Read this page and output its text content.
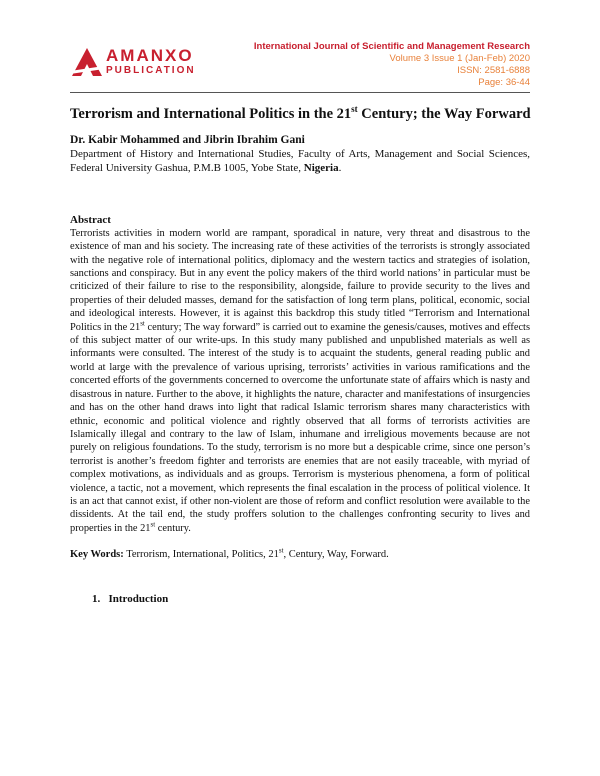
AMANXO
PUBLICATION
International Journal of Scientific and Management Research
Volume 3 Issue 1 (Jan-Feb) 2020
ISSN: 2581-6888
Page: 36-44
Terrorism and International Politics in the 21st Century; the Way Forward
Dr. Kabir Mohammed and Jibrin Ibrahim Gani
Department of History and International Studies, Faculty of Arts, Management and Social Sciences, Federal University Gashua, P.M.B 1005, Yobe State, Nigeria.
Abstract

Terrorists activities in modern world are rampant, sporadical in nature, very threat and disastrous to the existence of man and his society. The increasing rate of these activities of the terrorists is strongly associated with the negative role of international politics, diplomacy and the western tactics and strategies of isolation, sanctions and conspiracy. But in any event the policy makers of the third world nations’ in particular must be criticized of their failure to rise to the responsibility, alongside, failure to provide security to the lives and properties of their deluded masses, demand for the satisfaction of long term plans, political, economic, social and ideological interests. However, it is against this backdrop this study titled “Terrorism and International Politics in the 21st century; The way forward” is carried out to examine the genesis/causes, motives and effects of this subject matter of our write-ups. In this study many published and unpublished materials as well as informants were consulted. The interest of the study is to acquaint the students, general reading public and world at large with the prevalence of various uprising, terrorists’ activities in various ramifications and the concerted efforts of the governments concerned to overcome the unfortunate state of affairs which is nasty and disastrous in nature. Further to the above, it highlights the nature, character and manifestations of insurgencies and has on the other hand draws into light that radical Islamic terrorism shares many characteristics with ethnic, economic and political violence and rightly observed that all forms of terrorists activities are Islamically illegal and contrary to the law of Islam, inhumane and irreligious movements because are not purely on religious foundations. To the study, terrorism is no more but a despicable crime, since one person’s terrorist is another’s freedom fighter and terrorists are enemies that are not easily traceable, with myriad of complex motivations, as individuals and as groups. Terrorism is mysterious phenomena, a form of political violence, a tactic, not a movement, which represents the final escalation in the process of political violence. It is an act that cannot exist, if other non-violent are those of reform and conflict resolution were available to the dissidents. At the tail end, the study proffers solution to the challenges confronting security to lives and properties in the 21st century.

Key Words: Terrorism, International, Politics, 21st, Century, Way, Forward.
1. Introduction
